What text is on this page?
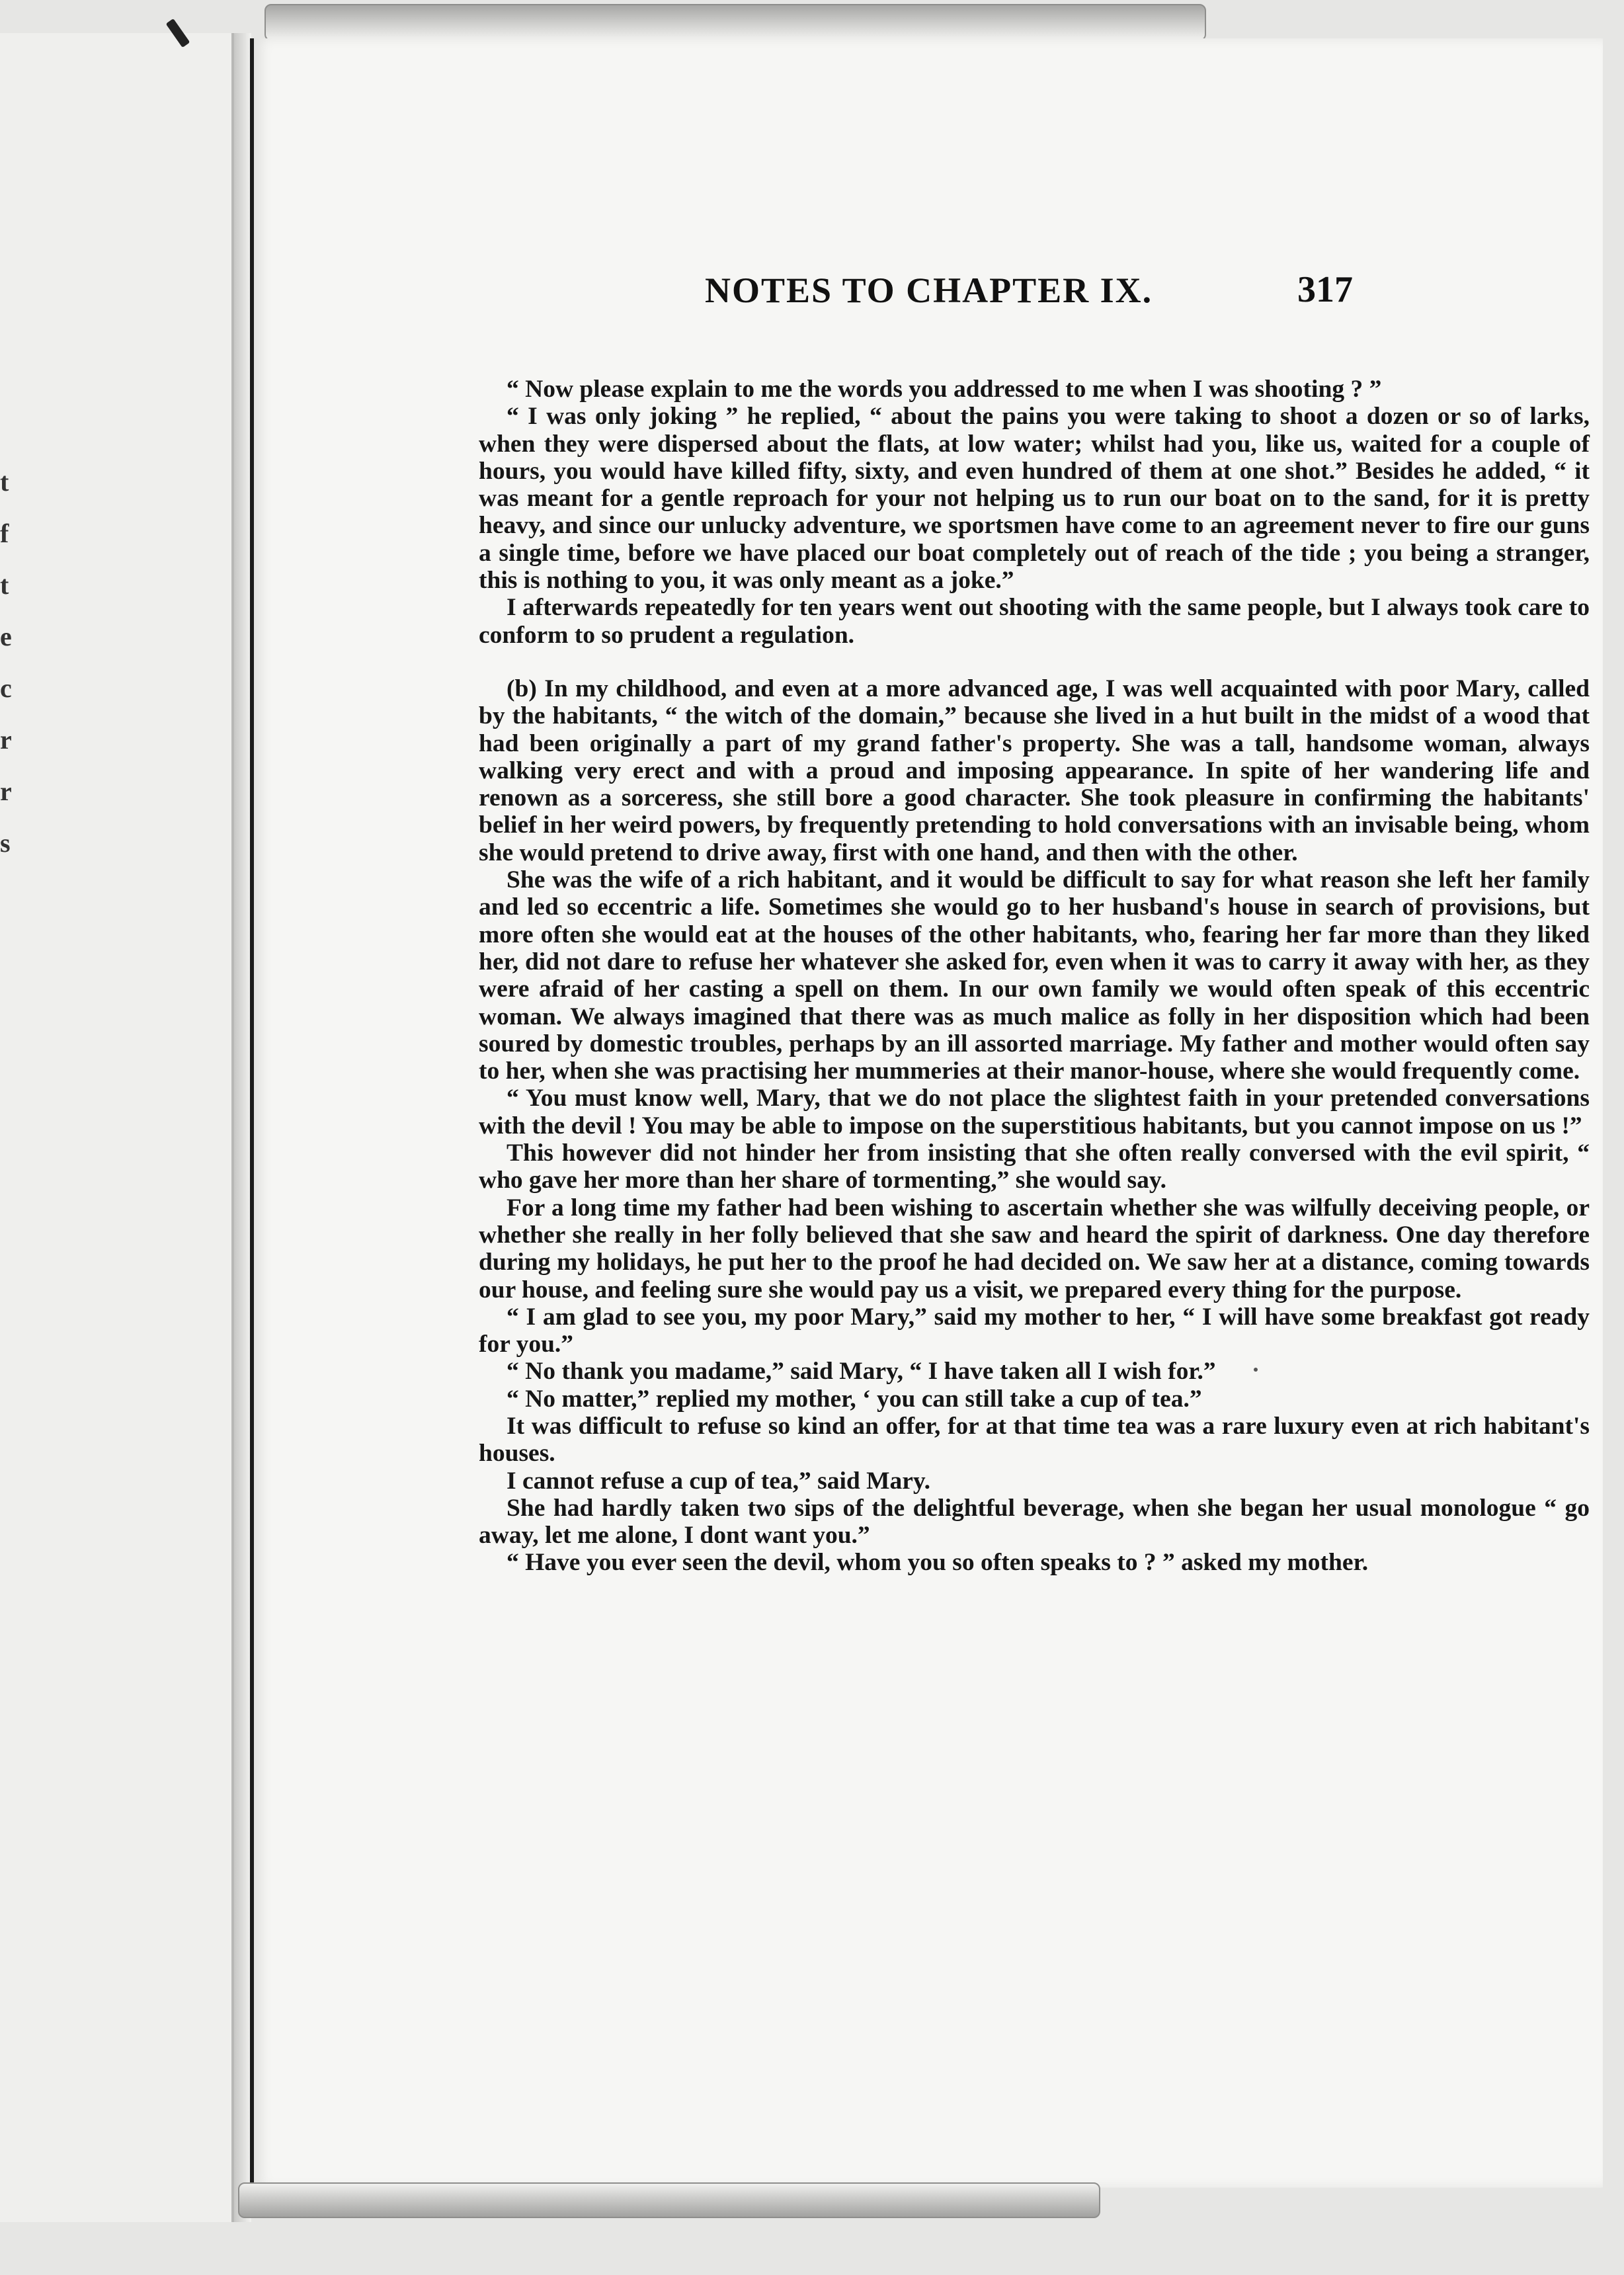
t
f
t
e
c
r
r
s
NOTES TO CHAPTER IX.	317

“ Now please explain to me the words you addressed to me when I was shooting ? ”

“ I was only joking ” he replied, “ about the pains you were taking to shoot a dozen or so of larks, when they were dispersed about the flats, at low water; whilst had you, like us, waited for a couple of hours, you would have killed fifty, sixty, and even hundred of them at one shot.” Besides he added, “ it was meant for a gentle reproach for your not helping us to run our boat on to the sand, for it is pretty heavy, and since our unlucky adventure, we sportsmen have come to an agreement never to fire our guns a single time, before we have placed our boat completely out of reach of the tide ; you being a stranger, this is nothing to you, it was only meant as a joke.”

I afterwards repeatedly for ten years went out shooting with the same people, but I always took care to conform to so prudent a regulation.

(b) In my childhood, and even at a more advanced age, I was well acquainted with poor Mary, called by the habitants, “ the witch of the domain,” because she lived in a hut built in the midst of a wood that had been originally a part of my grand father's property. She was a tall, handsome woman, always walking very erect and with a proud and imposing appearance. In spite of her wandering life and renown as a sorceress, she still bore a good character. She took pleasure in confirming the habitants' belief in her weird powers, by frequently pretending to hold conversations with an invisable being, whom she would pretend to drive away, first with one hand, and then with the other.

She was the wife of a rich habitant, and it would be difficult to say for what reason she left her family and led so eccentric a life. Sometimes she would go to her husband's house in search of provisions, but more often she would eat at the houses of the other habitants, who, fearing her far more than they liked her, did not dare to refuse her whatever she asked for, even when it was to carry it away with her, as they were afraid of her casting a spell on them. In our own family we would often speak of this eccentric woman. We always imagined that there was as much malice as folly in her disposition which had been soured by domestic troubles, perhaps by an ill assorted marriage. My father and mother would often say to her, when she was practising her mummeries at their manor-house, where she would frequently come.

“ You must know well, Mary, that we do not place the slightest faith in your pretended conversations with the devil ! You may be able to impose on the superstitious habitants, but you cannot impose on us !”

This however did not hinder her from insisting that she often really conversed with the evil spirit, “ who gave her more than her share of tormenting,” she would say.

For a long time my father had been wishing to ascertain whether she was wilfully deceiving people, or whether she really in her folly believed that she saw and heard the spirit of darkness. One day therefore during my holidays, he put her to the proof he had decided on. We saw her at a distance, coming towards our house, and feeling sure she would pay us a visit, we prepared every thing for the purpose.

“ I am glad to see you, my poor Mary,” said my mother to her, “ I will have some breakfast got ready for you.”

“ No thank you madame,” said Mary, “ I have taken all I wish for.”

“ No matter,” replied my mother, ‘ you can still take a cup of tea.”

It was difficult to refuse so kind an offer, for at that time tea was a rare luxury even at rich habitant's houses.

I cannot refuse a cup of tea,” said Mary.

She had hardly taken two sips of the delightful beverage, when she began her usual monologue “ go away, let me alone, I dont want you.”

“ Have you ever seen the devil, whom you so often speaks to ? ” asked my mother.
